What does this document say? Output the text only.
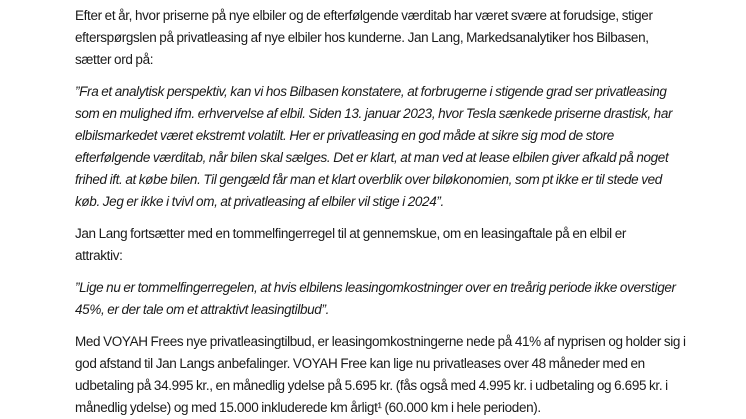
Efter et år, hvor priserne på nye elbiler og de efterfølgende værditab har været svære at forudsige, stiger
efterspørgslen på privatleasing af nye elbiler hos kunderne. Jan Lang, Markedsanalytiker hos Bilbasen,
sætter ord på:
”Fra et analytisk perspektiv, kan vi hos Bilbasen konstatere, at forbrugerne i stigende grad ser privatleasing
som en mulighed ifm. erhvervelse af elbil. Siden 13. januar 2023, hvor Tesla sænkede priserne drastisk, har
elbilsmarkedet været ekstremt volatilt. Her er privatleasing en god måde at sikre sig mod de store
efterfølgende værditab, når bilen skal sælges. Det er klart, at man ved at lease elbilen giver afkald på noget
frihed ift. at købe bilen. Til gengæld får man et klart overblik over biløkonomien, som pt ikke er til stede ved
køb. Jeg er ikke i tvivl om, at privatleasing af elbiler vil stige i 2024”.
Jan Lang fortsætter med en tommelfingerregel til at gennemskue, om en leasingaftale på en elbil er
attraktiv:
”Lige nu er tommelfingerregelen, at hvis elbilens leasingomkostninger over en treårig periode ikke overstiger
45%, er der tale om et attraktivt leasingtilbud”.
Med VOYAH Frees nye privatleasingtilbud, er leasingomkostningerne nede på 41% af nyprisen og holder sig i
god afstand til Jan Langs anbefalinger. VOYAH Free kan lige nu privatleases over 48 måneder med en
udbetaling på 34.995 kr., en månedlig ydelse på 5.695 kr. (fås også med 4.995 kr. i udbetaling og 6.695 kr. i
månedlig ydelse) og med 15.000 inkluderede km årligt¹ (60.000 km i hele perioden).
